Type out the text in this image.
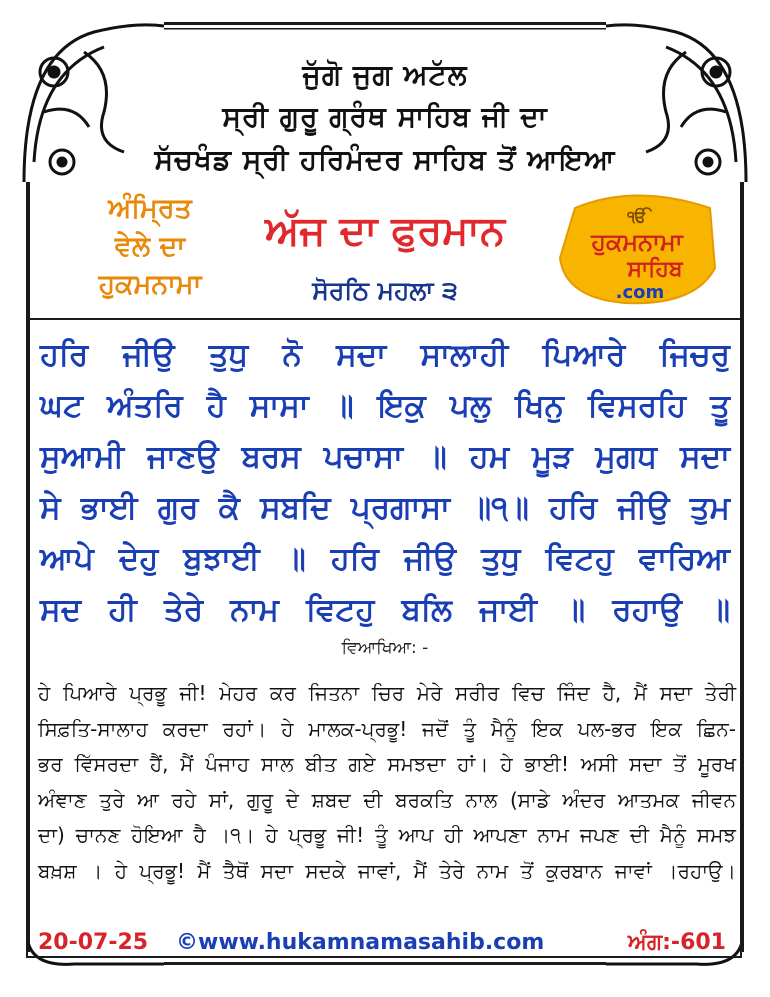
ਜੁੱਗੋ ਜੁਗ ਅਟੱਲ
ਸ੍ਰੀ ਗੁਰੂ ਗ੍ਰੰਥ ਸਾਹਿਬ ਜੀ ਦਾ
ਸੱਚਖੰਡ ਸ੍ਰੀ ਹਰਿਮੰਦਰ ਸਾਹਿਬ ਤੋਂ ਆਇਆ
ਅੰਮ੍ਰਿਤ
ਵੇਲੇ ਦਾ
ਹੁਕਮਨਾਮਾ
ਅੱਜ ਦਾ ਫੁਰਮਾਨ
ਸੋਰਠਿ ਮਹਲਾ ੩
ੴ
ਹੁਕਮਨਾਮਾ
ਸਾਹਿਬ
.com
ਹਰਿ ਜੀਉ ਤੁਧੁ ਨੋ ਸਦਾ ਸਾਲਾਹੀ ਪਿਆਰੇ ਜਿਚਰੁ
ਘਟ ਅੰਤਰਿ ਹੈ ਸਾਸਾ ॥ ਇਕੁ ਪਲੁ ਖਿਨੁ ਵਿਸਰਹਿ ਤੂ
ਸੁਆਮੀ ਜਾਣਉ ਬਰਸ ਪਚਾਸਾ ॥ ਹਮ ਮੂੜ ਮੁਗਧ ਸਦਾ
ਸੇ ਭਾਈ ਗੁਰ ਕੈ ਸਬਦਿ ਪ੍ਰਗਾਸਾ ॥੧॥ ਹਰਿ ਜੀਉ ਤੁਮ
ਆਪੇ ਦੇਹੁ ਬੁਝਾਈ ॥ ਹਰਿ ਜੀਉ ਤੁਧੁ ਵਿਟਹੁ ਵਾਰਿਆ
ਸਦ ਹੀ ਤੇਰੇ ਨਾਮ ਵਿਟਹੁ ਬਲਿ ਜਾਈ ॥ ਰਹਾਉ ॥
ਵਿਆਖਿਆ: -
ਹੇ ਪਿਆਰੇ ਪ੍ਰਭੂ ਜੀ! ਮੇਹਰ ਕਰ ਜਿਤਨਾ ਚਿਰ ਮੇਰੇ ਸਰੀਰ ਵਿਚ ਜਿੰਦ ਹੈ, ਮੈਂ ਸਦਾ ਤੇਰੀ
ਸਿਫ਼ਤਿ-ਸਾਲਾਹ ਕਰਦਾ ਰਹਾਂ। ਹੇ ਮਾਲਕ-ਪ੍ਰਭੂ! ਜਦੋਂ ਤੂੰ ਮੈਨੂੰ ਇਕ ਪਲ-ਭਰ ਇਕ ਛਿਨ-
ਭਰ ਵਿੱਸਰਦਾ ਹੈਂ, ਮੈਂ ਪੰਜਾਹ ਸਾਲ ਬੀਤ ਗਏ ਸਮਝਦਾ ਹਾਂ। ਹੇ ਭਾਈ! ਅਸੀ ਸਦਾ ਤੋਂ ਮੂਰਖ
ਅੰਞਾਣ ਤੁਰੇ ਆ ਰਹੇ ਸਾਂ, ਗੁਰੂ ਦੇ ਸ਼ਬਦ ਦੀ ਬਰਕਤਿ ਨਾਲ (ਸਾਡੇ ਅੰਦਰ ਆਤਮਕ ਜੀਵਨ
ਦਾ) ਚਾਨਣ ਹੋਇਆ ਹੈ ।੧। ਹੇ ਪ੍ਰਭੂ ਜੀ! ਤੂੰ ਆਪ ਹੀ ਆਪਣਾ ਨਾਮ ਜਪਣ ਦੀ ਮੈਨੂੰ ਸਮਝ
ਬਖ਼ਸ਼ । ਹੇ ਪ੍ਰਭੂ! ਮੈਂ ਤੈਥੋਂ ਸਦਾ ਸਦਕੇ ਜਾਵਾਂ, ਮੈਂ ਤੇਰੇ ਨਾਮ ਤੋਂ ਕੁਰਬਾਨ ਜਾਵਾਂ ।ਰਹਾਉ।
20-07-25 ©www.hukamnamasahib.com	ਅੰਗ:-601
